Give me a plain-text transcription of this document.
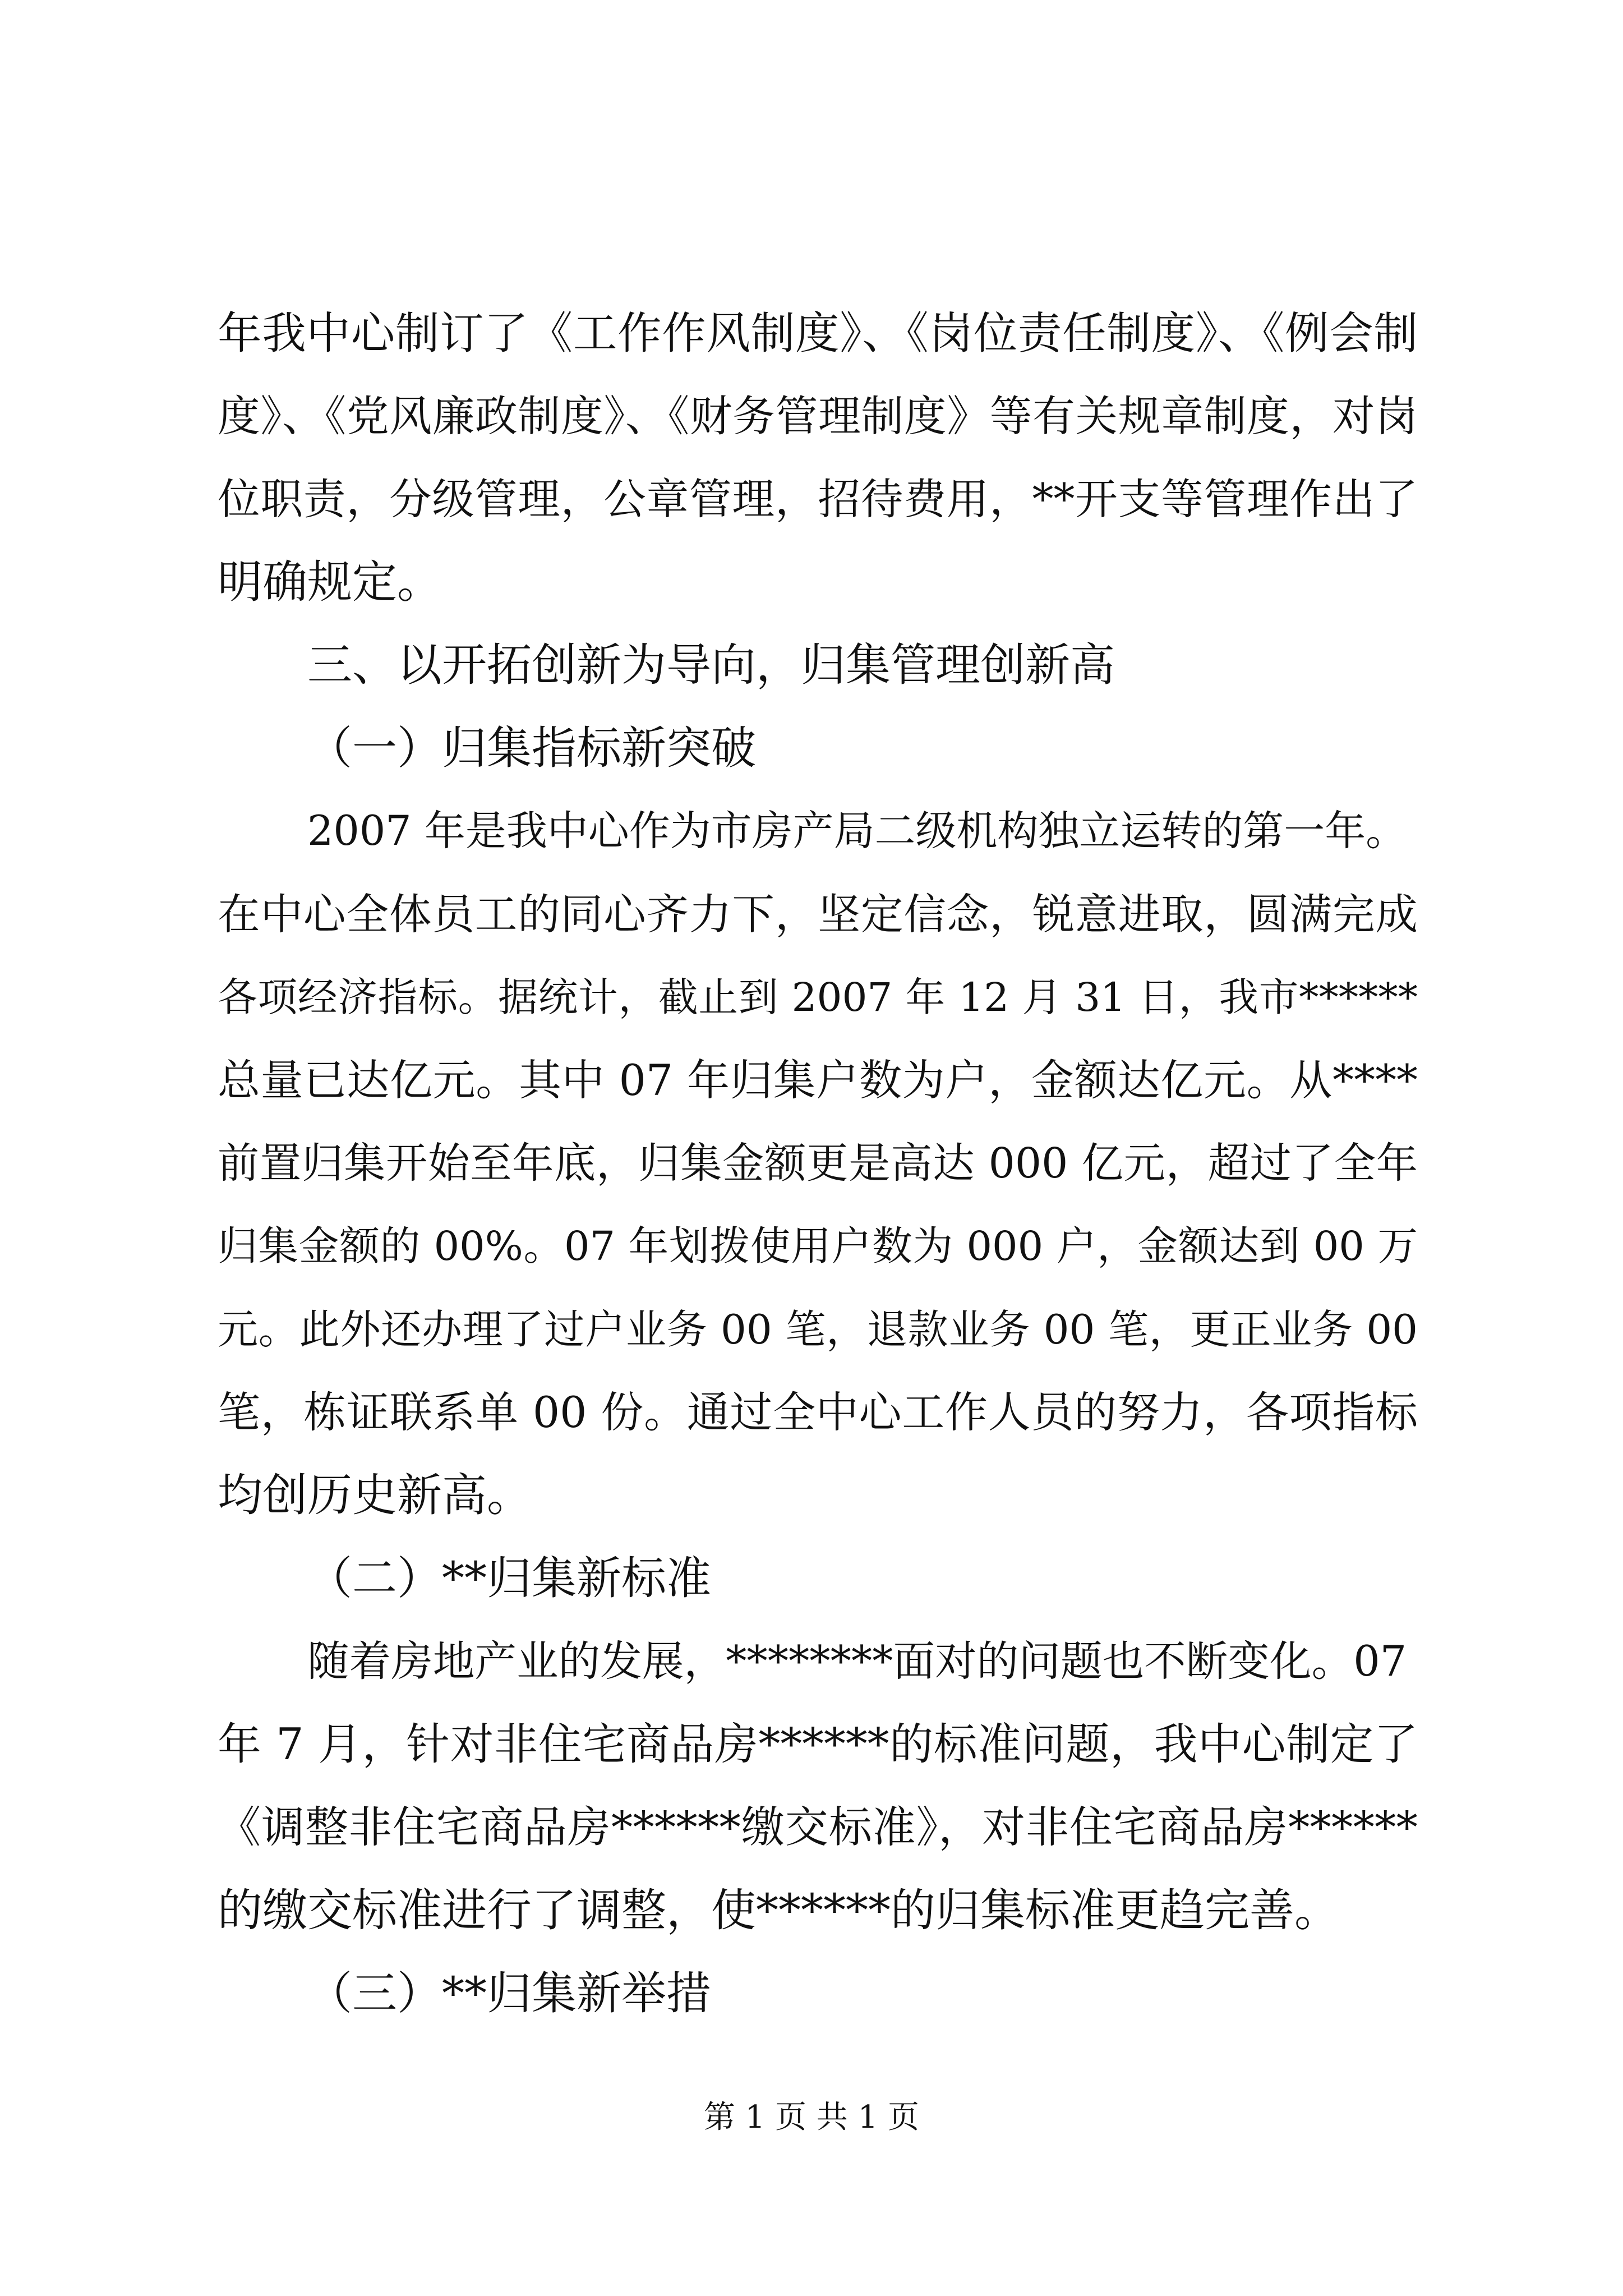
年我中心制订了《工作作风制度》、《岗位责任制度》、《例会制
度》、《党风廉政制度》、《财务管理制度》等有关规章制度，对岗
位职责，分级管理，公章管理，招待费用，**开支等管理作出了
明确规定。
三、以开拓创新为导向，归集管理创新高
（一）归集指标新突破
2007 年是我中心作为市房产局二级机构独立运转的第一年。
在中心全体员工的同心齐力下，坚定信念，锐意进取，圆满完成
各项经济指标。据统计，截止到 2007 年 12 月 31 日，我市******
总量已达亿元。其中 07 年归集户数为户，金额达亿元。从****
前置归集开始至年底，归集金额更是高达 000 亿元，超过了全年
归集金额的 00%。07 年划拨使用户数为 000 户，金额达到 00 万
元。此外还办理了过户业务 00 笔，退款业务 00 笔，更正业务 00
笔，栋证联系单 00 份。通过全中心工作人员的努力，各项指标
均创历史新高。
（二）**归集新标准
随着房地产业的发展，********面对的问题也不断变化。07
年 7 月，针对非住宅商品房******的标准问题，我中心制定了
《调整非住宅商品房******缴交标准》，对非住宅商品房******
的缴交标准进行了调整，使******的归集标准更趋完善。
（三）**归集新举措
第 1 页 共 1 页
